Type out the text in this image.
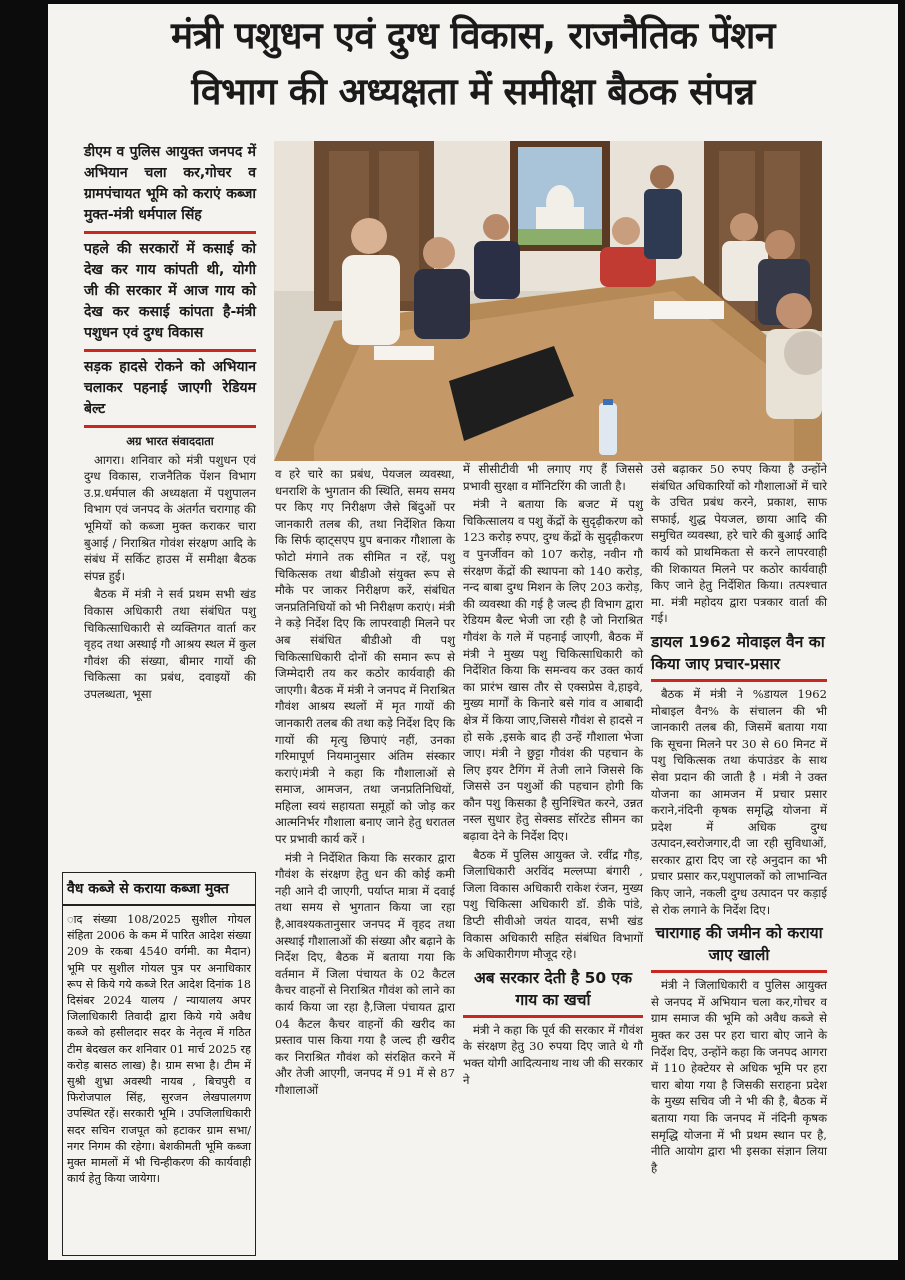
मंत्री पशुधन एवं दुग्ध विकास, राजनैतिक पेंशन
विभाग की अध्यक्षता में समीक्षा बैठक संपन्न
डीएम व पुलिस आयुक्त जनपद में अभियान चला कर,गोचर व ग्रामपंचायत भूमि को कराएं कब्जा मुक्त-मंत्री धर्मपाल सिंह
पहले की सरकारों में कसाई को देख कर गाय कांपती थी, योगी जी की सरकार में आज गाय को देख कर कसाई कांपता है-मंत्री पशुधन एवं दुग्ध विकास
सड़क हादसे रोकने को अभियान चलाकर पहनाई जाएगी रेडियम बेल्ट
अग्र भारत संवाददाता

आगरा। शनिवार को मंत्री पशुधन एवं दुग्ध विकास, राजनैतिक पेंशन विभाग उ.प्र.धर्मपाल की अध्यक्षता में पशुपालन विभाग एवं जनपद के अंतर्गत चरागाह की भूमियों को कब्जा मुक्त कराकर चारा बुआई / निराश्रित गोवंश संरक्षण आदि के संबंध में सर्किट हाउस में समीक्षा बैठक संपन्न हुई।

बैठक में मंत्री ने सर्व प्रथम सभी खंड विकास अधिकारी तथा संबंधित पशु चिकित्साधिकारी से व्यक्तिगत वार्ता कर वृहद तथा अस्थाई गौ आश्रय स्थल में कुल गौवंश की संख्या, बीमार गायों की चिकित्सा का प्रबंध, दवाइयों की उपलब्धता, भूसा

वैध कब्जे से कराया कब्जा मुक्त
ाद संख्या 108/2025 सुशील गोयल संहिता 2006 के कम में पारित आदेश संख्या 209 के रकबा 4540 वर्गमी. का मैदान) भूमि पर सुशील गोयल पुत्र पर अनाधिकार रूप से किये गये कब्जे रित आदेश दिनांक 18 दिसंबर 2024 यालय / न्यायालय अपर जिलाधिकारी तिवादी द्वारा किये गये अवैध कब्जे को हसीलदार सदर के नेतृत्व में गठित टीम बेदखल कर शनिवार 01 मार्च 2025 रह करोड़ बासठ लाख) है। ग्राम सभा है। टीम में सुश्री शुभ्रा अवस्थी नायब , बिचपुरी व फिरोजपाल सिंह, सुरजन लेखपालगण उपस्थित रहें। सरकारी भूमि । उपजिलाधिकारी सदर सचिन राजपूत को हटाकर ग्राम सभा/नगर निगम की रहेगा। बेशकीमती भूमि कब्जा मुक्त मामलों में भी चिन्हीकरण की कार्यवाही कार्य हेतु किया जायेगा।

व हरे चारे का प्रबंध, पेयजल व्यवस्था, धनराशि के भुगतान की स्थिति, समय समय पर किए गए निरीक्षण जैसे बिंदुओं पर जानकारी तलब की, तथा निर्देशित किया कि सिर्फ व्हाट्सएप ग्रुप बनाकर गौशाला के फोटो मंगाने तक सीमित न रहें, पशु चिकित्सक तथा बीडीओ संयुक्त रूप से मौके पर जाकर निरीक्षण करें, संबंधित जनप्रतिनिधियों को भी निरीक्षण कराएं। मंत्री ने कड़े निर्देश दिए कि लापरवाही मिलने पर अब संबंधित बीडीओ वी पशु चिकित्साधिकारी दोनों की समान रूप से जिम्मेदारी तय कर कठोर कार्यवाही की जाएगी। बैठक में मंत्री ने जनपद में निराश्रित गौवंश आश्रय स्थलों में मृत गायों की जानकारी तलब की तथा कड़े निर्देश दिए कि गायों की मृत्यु छिपाएं नहीं, उनका गरिमापूर्ण नियमानुसार अंतिम संस्कार कराएं।मंत्री ने कहा कि गौशालाओं से समाज, आमजन, तथा जनप्रतिनिधियों, महिला स्वयं सहायता समूहों को जोड़ कर आत्मनिर्भर गौशाला बनाए जाने हेतु धरातल पर प्रभावी कार्य करें ।

मंत्री ने निर्देशित किया कि सरकार द्वारा गौवंश के संरक्षण हेतु धन की कोई कमी नही आने दी जाएगी, पर्याप्त मात्रा में दवाई तथा समय से भुगतान किया जा रहा है,आवश्यकतानुसार जनपद में वृहद तथा अस्थाई गौशालाओं की संख्या और बढ़ाने के निर्देश दिए, बैठक में बताया गया कि वर्तमान में जिला पंचायत के 02 कैटल कैचर वाहनों से निराश्रित गौवंश को लाने का कार्य किया जा रहा है,जिला पंचायत द्वारा 04 कैटल कैचर वाहनों की खरीद का प्रस्ताव पास किया गया है जल्द ही खरीद कर निराश्रित गौवंश को संरक्षित करने में और तेजी आएगी, जनपद में 91 में से 87 गौशालाओं

में सीसीटीवी भी लगाए गए हैं जिससे प्रभावी सुरक्षा व मॉनिटरिंग की जाती है।

मंत्री ने बताया कि बजट में पशु चिकित्सालय व पशु केंद्रों के सुदृढ़ीकरण को 123 करोड़ रुपए, दुग्ध केंद्रों के सुदृढ़ीकरण व पुनर्जीवन को 107 करोड़, नवीन गौ संरक्षण केंद्रों की स्थापना को 140 करोड़, नन्द बाबा दुग्ध मिशन के लिए 203 करोड़, की व्यवस्था की गई है जल्द ही विभाग द्वारा रेडियम बैल्ट भेजी जा रही है जो निराश्रित गौवंश के गले में पहनाई जाएगी, बैठक में मंत्री ने मुख्य पशु चिकित्साधिकारी को निर्देशित किया कि समन्वय कर उक्त कार्य का प्रारंभ खास तौर से एक्सप्रेस वे,हाइवे, मुख्य मार्गों के किनारे बसे गांव व आबादी क्षेत्र में किया जाए,जिससे गौवंश से हादसे न हो सके ,इसके बाद ही उन्हें गौशाला भेजा जाए। मंत्री ने छुट्टा गौवंश की पहचान के लिए इयर टैगिंग में तेजी लाने जिससे कि जिससे उन पशुओं की पहचान होगी कि कौन पशु किसका है सुनिश्चित करने, उन्नत नस्ल सुधार हेतु सेक्सड सॉरटेड सीमन का बढ़ावा देने के निर्देश दिए।

बैठक में पुलिस आयुक्त जे. रवींद्र गौड़, जिलाधिकारी अरविंद मल्लप्पा बंगारी , जिला विकास अधिकारी राकेश रंजन, मुख्य पशु चिकित्सा अधिकारी डॉ. डीके पांडे, डिप्टी सीवीओ जयंत यादव, सभी खंड विकास अधिकारी सहित संबंधित विभागों के अधिकारीगण मौजूद रहे।

अब सरकार देती है 50 एक गाय का खर्चा

मंत्री ने कहा कि पूर्व की सरकार में गौवंश के संरक्षण हेतु 30 रुपया दिए जाते थे गौ भक्त योगी आदित्यनाथ नाथ जी की सरकार ने

उसे बढ़ाकर 50 रुपए किया है उन्होंने संबंधित अधिकारियों को गौशालाओं में चारे के उचित प्रबंध करने, प्रकाश, साफ सफाई, शुद्ध पेयजल, छाया आदि की समुचित व्यवस्था, हरे चारे की बुआई आदि कार्य को प्राथमिकता से करने लापरवाही की शिकायत मिलने पर कठोर कार्यवाही किए जाने हेतु निर्देशित किया। तत्पश्चात मा. मंत्री महोदय द्वारा पत्रकार वार्ता की गई।

डायल 1962 मोवाइल वैन का किया जाए प्रचार-प्रसार

बैठक में मंत्री ने %डायल 1962 मोबाइल वैन% के संचालन की भी जानकारी तलब की, जिसमें बताया गया कि सूचना मिलने पर 30 से 60 मिनट में पशु चिकित्सक तथा कंपाउंडर के साथ सेवा प्रदान की जाती है । मंत्री ने उक्त योजना का आमजन में प्रचार प्रसार कराने,नंदिनी कृषक समृद्धि योजना में प्रदेश में अधिक दुग्ध उत्पादन,स्वरोजगार,दी जा रही सुविधाओं, सरकार द्वारा दिए जा रहे अनुदान का भी प्रचार प्रसार कर,पशुपालकों को लाभान्वित किए जाने, नकली दुग्ध उत्पादन पर कड़ाई से रोक लगाने के निर्देश दिए।

चारागाह की जमीन को कराया जाए खाली

मंत्री ने जिलाधिकारी व पुलिस आयुक्त से जनपद में अभियान चला कर,गोचर व ग्राम समाज की भूमि को अवैध कब्जे से मुक्त कर उस पर हरा चारा बोए जाने के निर्देश दिए, उन्होंने कहा कि जनपद आगरा में 110 हेक्टेयर से अधिक भूमि पर हरा चारा बोया गया है जिसकी सराहना प्रदेश के मुख्य सचिव जी ने भी की है, बैठक में बताया गया कि जनपद में नंदिनी कृषक समृद्धि योजना में भी प्रथम स्थान पर है, नीति आयोग द्वारा भी इसका संज्ञान लिया है
